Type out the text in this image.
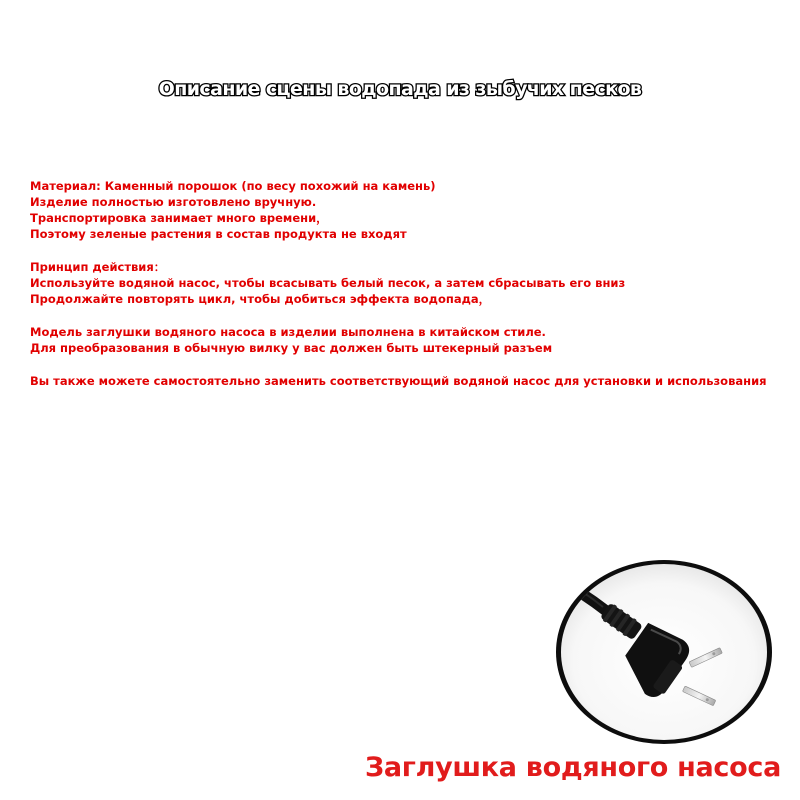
Описание сцены водопада из зыбучих песков
Материал: Каменный порошок (по весу похожий на камень)
Изделие полностью изготовлено вручную.
Транспортировка занимает много времени，
Поэтому зеленые растения в состав продукта не входят
Принцип действия：
Используйте водяной насос, чтобы всасывать белый песок, а затем сбрасывать его вниз
Продолжайте повторять цикл, чтобы добиться эффекта водопада，
Модель заглушки водяного насоса в изделии выполнена в китайском стиле.
Для преобразования в обычную вилку у вас должен быть штекерный разъем
Вы также можете самостоятельно заменить соответствующий водяной насос для установки и использования
Заглушка водяного насоса
